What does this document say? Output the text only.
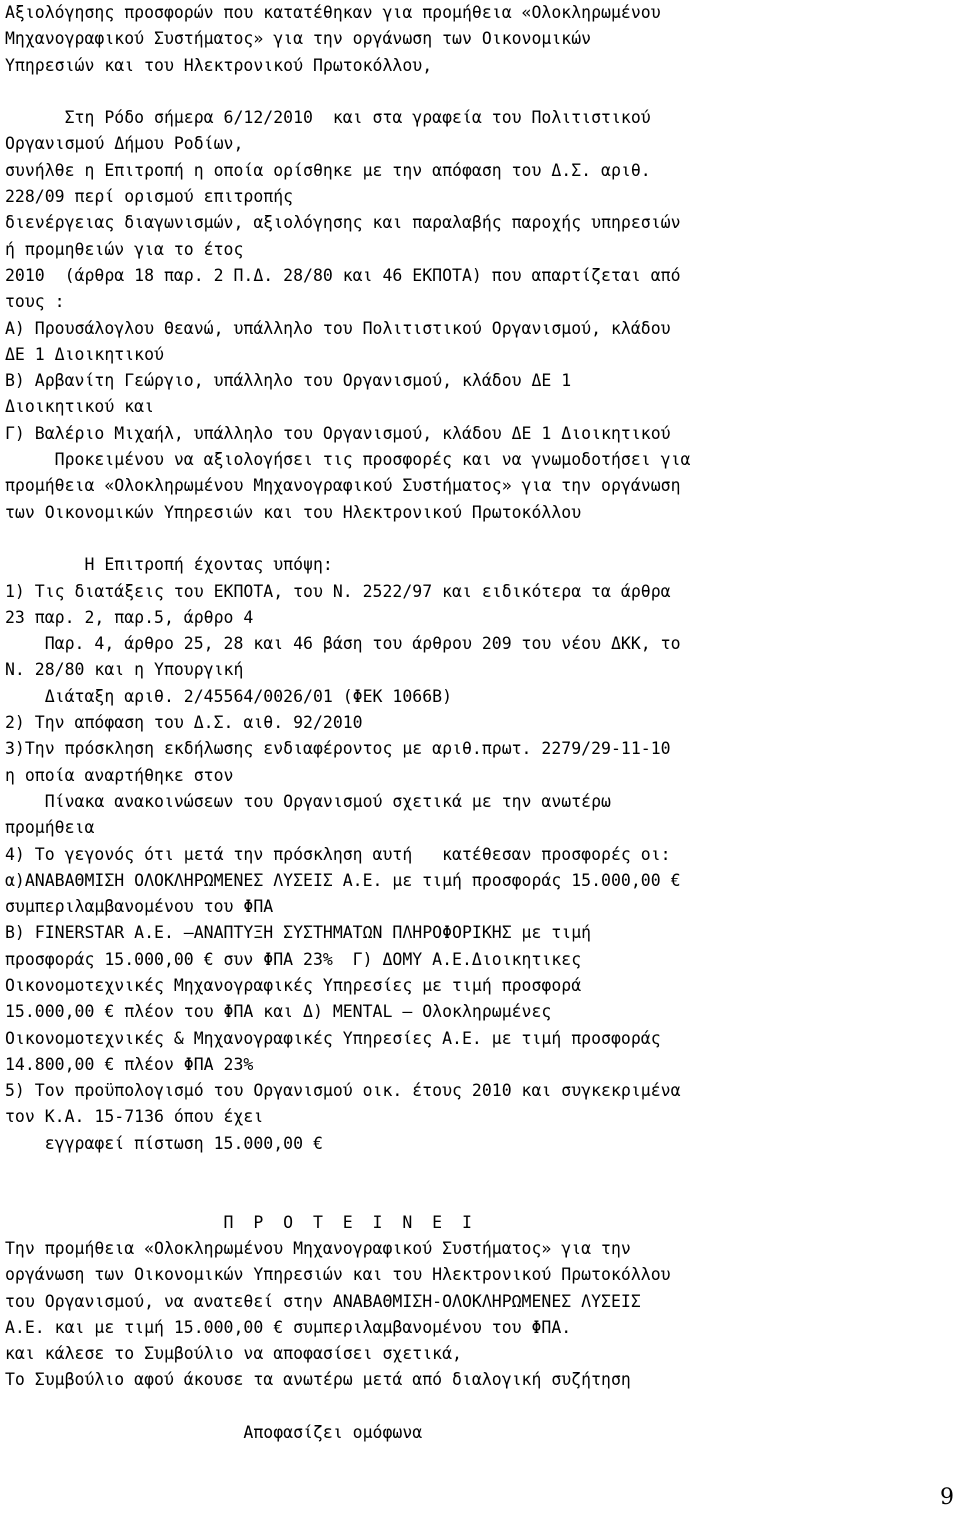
Αξιολόγησης προσφορών που κατατέθηκαν για προμήθεια «Ολοκληρωμένου
Μηχανογραφικού Συστήματος» για την οργάνωση των Οικονομικών
Υπηρεσιών και του Ηλεκτρονικού Πρωτοκόλλου,
Στη Ρόδο σήμερα 6/12/2010  και στα γραφεία του Πολιτιστικού
Οργανισμού Δήμου Ροδίων,
συνήλθε η Επιτροπή η οποία ορίσθηκε με την απόφαση του Δ.Σ. αριθ.
228/09 περί ορισμού επιτροπής
διενέργειας διαγωνισμών, αξιολόγησης και παραλαβής παροχής υπηρεσιών
ή προμηθειών για το έτος
2010  (άρθρα 18 παρ. 2 Π.Δ. 28/80 και 46 ΕΚΠΟΤΑ) που απαρτίζεται από
τους :
Α) Προυσάλογλου Θεανώ, υπάλληλο του Πολιτιστικού Οργανισμού, κλάδου
ΔΕ 1 Διοικητικού
Β) Αρβανίτη Γεώργιο, υπάλληλο του Οργανισμού, κλάδου ΔΕ 1
Διοικητικού και
Γ) Βαλέριο Μιχαήλ, υπάλληλο του Οργανισμού, κλάδου ΔΕ 1 Διοικητικού
Προκειμένου να αξιολογήσει τις προσφορές και να γνωμοδοτήσει για
προμήθεια «Ολοκληρωμένου Μηχανογραφικού Συστήματος» για την οργάνωση
των Οικονομικών Υπηρεσιών και του Ηλεκτρονικού Πρωτοκόλλου
Η Επιτροπή έχοντας υπόψη:
1) Τις διατάξεις του ΕΚΠΟΤΑ, του Ν. 2522/97 και ειδικότερα τα άρθρα
23 παρ. 2, παρ.5, άρθρο 4
Παρ. 4, άρθρο 25, 28 και 46 βάση του άρθρου 209 του νέου ΔΚΚ, το
Ν. 28/80 και η Υπουργική
Διάταξη αριθ. 2/45564/0026/01 (ΦΕΚ 1066Β)
2) Την απόφαση του Δ.Σ. αιθ. 92/2010
3)Την πρόσκληση εκδήλωσης ενδιαφέροντος με αριθ.πρωτ. 2279/29-11-10
η οποία αναρτήθηκε στον
Πίνακα ανακοινώσεων του Οργανισμού σχετικά με την ανωτέρω
προμήθεια
4) Το γεγονός ότι μετά την πρόσκληση αυτή   κατέθεσαν προσφορές οι:
α)ΑΝΑΒΑΘΜΙΣΗ ΟΛΟΚΛΗΡΩΜΕΝΕΣ ΛΥΣΕΙΣ Α.Ε. με τιμή προσφοράς 15.000,00 €
συμπεριλαμβανομένου του ΦΠΑ
Β) FINERSTAR Α.Ε. –ΑΝΑΠΤΥΞΗ ΣΥΣΤΗΜΑΤΩΝ ΠΛΗΡΟΦΟΡΙΚΗΣ με τιμή
προσφοράς 15.000,00 € συν ΦΠΑ 23%  Γ) ΔΟΜΥ Α.Ε.Διοικητικες
Οικονομοτεχνικές Μηχανογραφικές Υπηρεσίες με τιμή προσφορά
15.000,00 € πλέον του ΦΠΑ και Δ) MENTAL – Ολοκληρωμένες
Οικονομοτεχνικές & Μηχανογραφικές Υπηρεσίες Α.Ε. με τιμή προσφοράς
14.800,00 € πλέον ΦΠΑ 23%
5) Τον προϋπολογισμό του Οργανισμού οικ. έτους 2010 και συγκεκριμένα
τον Κ.Α. 15-7136 όπου έχει
εγγραφεί πίστωση 15.000,00 €
Π  Ρ  Ο  Τ  Ε  Ι  Ν  Ε  Ι
Την προμήθεια «Ολοκληρωμένου Μηχανογραφικού Συστήματος» για την
οργάνωση των Οικονομικών Υπηρεσιών και του Ηλεκτρονικού Πρωτοκόλλου
του Οργανισμού, να ανατεθεί στην ΑΝΑΒΑΘΜΙΣΗ-ΟΛΟΚΛΗΡΩΜΕΝΕΣ ΛΥΣΕΙΣ
Α.Ε. και με τιμή 15.000,00 € συμπεριλαμβανομένου του ΦΠΑ.
και κάλεσε το Συμβούλιο να αποφασίσει σχετικά,
Το Συμβούλιο αφού άκουσε τα ανωτέρω μετά από διαλογική συζήτηση
Αποφασίζει ομόφωνα
9
